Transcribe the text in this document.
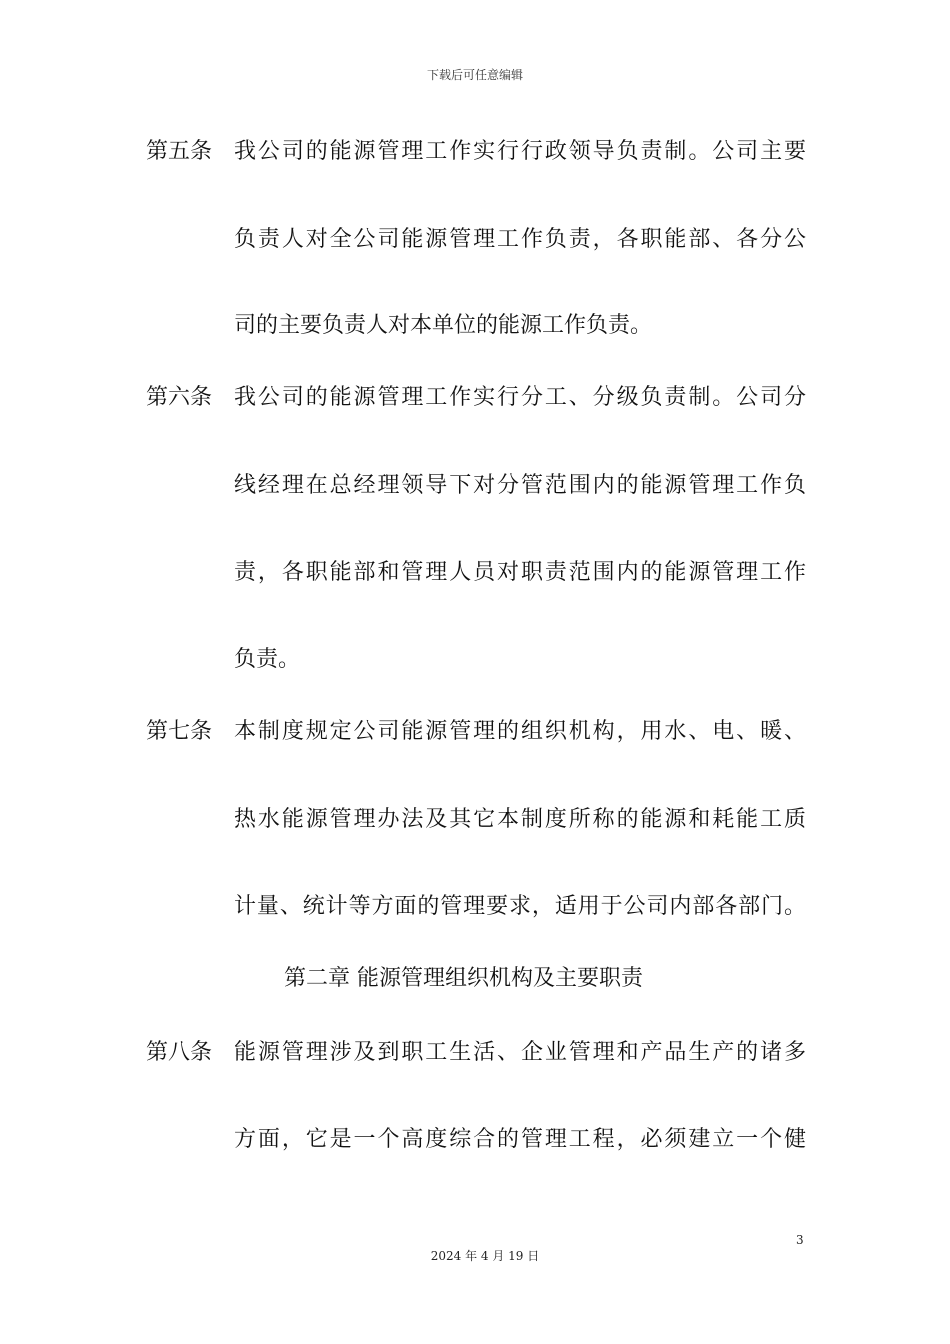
下载后可任意编辑
第五条 我公司的能源管理工作实行行政领导负责制。公司主要
负责人对全公司能源管理工作负责，各职能部、各分公
司的主要负责人对本单位的能源工作负责。
第六条 我公司的能源管理工作实行分工、分级负责制。公司分
线经理在总经理领导下对分管范围内的能源管理工作负
责，各职能部和管理人员对职责范围内的能源管理工作
负责。
第七条 本制度规定公司能源管理的组织机构，用水、电、暖、
热水能源管理办法及其它本制度所称的能源和耗能工质
计量、统计等方面的管理要求，适用于公司内部各部门。
第二章 能源管理组织机构及主要职责
第八条 能源管理涉及到职工生活、企业管理和产品生产的诸多
方面，它是一个高度综合的管理工程，必须建立一个健
3
2024 年 4 月 19 日
